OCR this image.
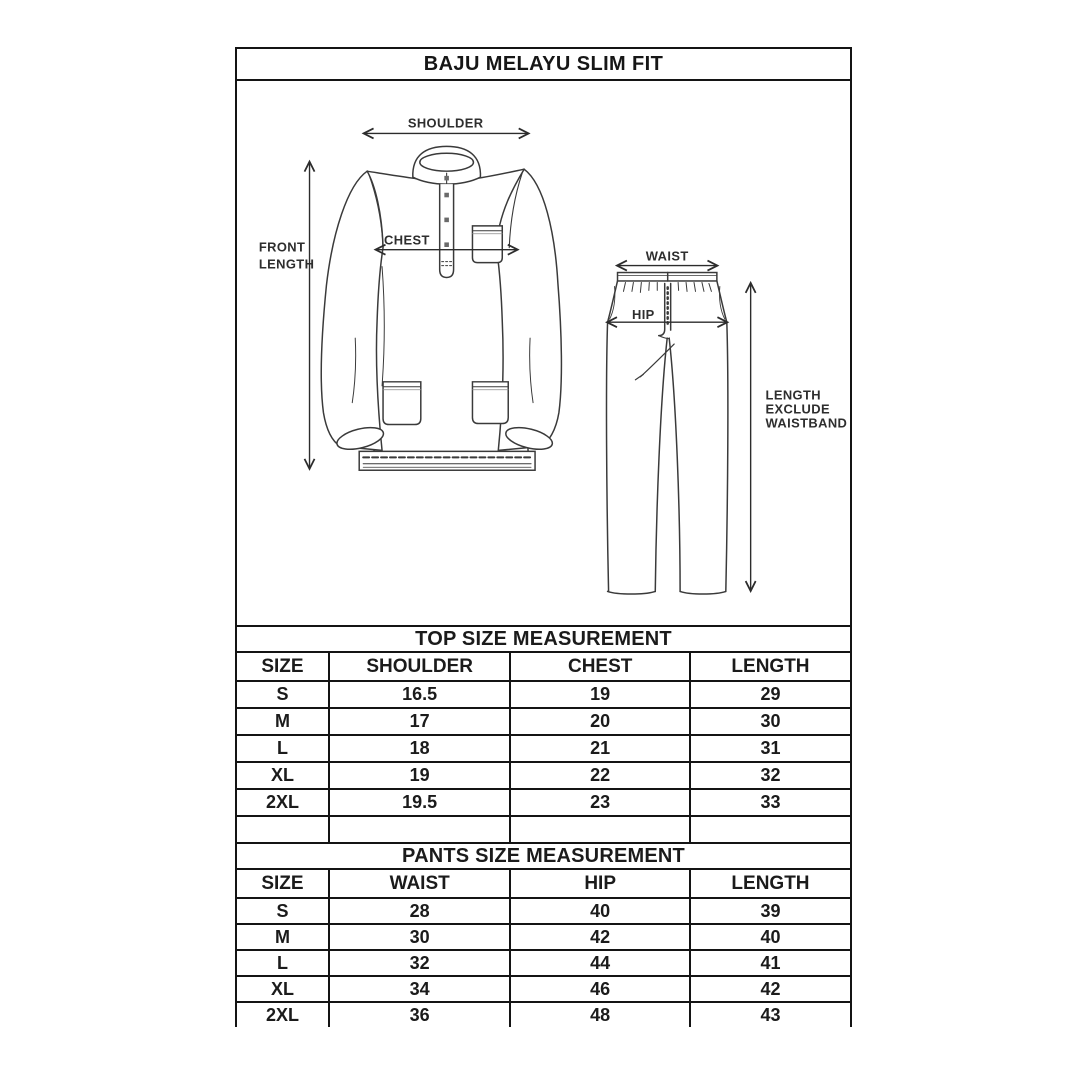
BAJU MELAYU SLIM FIT
SHOULDER
FRONT
LENGTH
CHEST
WAIST
HIP
LENGTH
EXCLUDE
WAISTBAND
TOP SIZE MEASUREMENT			
SIZE	SHOULDER	CHEST	LENGTH
S	16.5	19	29
M	17	20	30
L	18	21	31
XL	19	22	32
2XL	19.5	23	33

PANTS SIZE MEASUREMENT			
SIZE	WAIST	HIP	LENGTH
S	28	40	39
M	30	42	40
L	32	44	41
XL	34	46	42
2XL	36	48	43
